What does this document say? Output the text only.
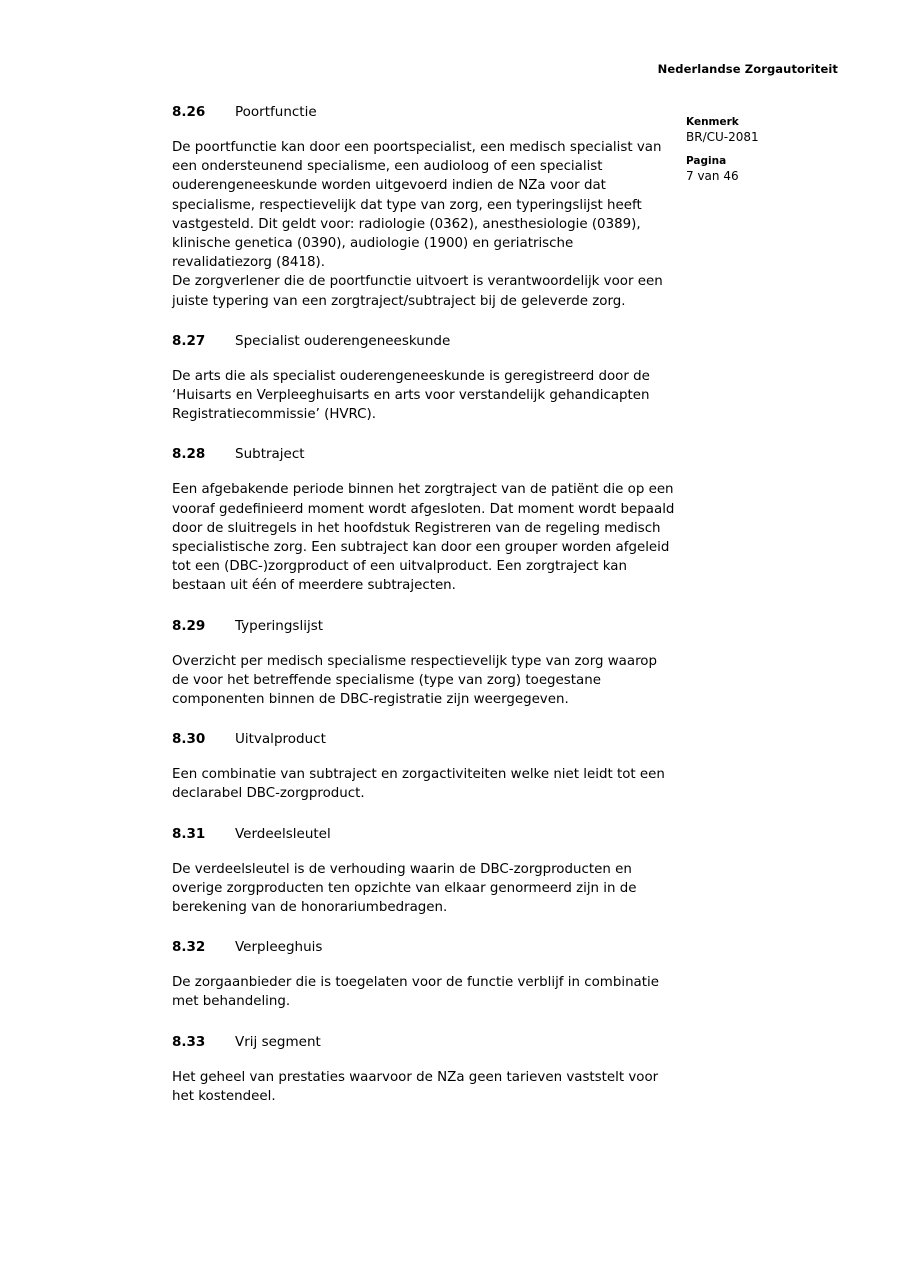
Nederlandse Zorgautoriteit
Kenmerk
BR/CU-2081
Pagina
7 van 46
8.26	Poortfunctie

De poortfunctie kan door een poortspecialist, een medisch specialist van een ondersteunend specialisme, een audioloog of een specialist ouderengeneeskunde worden uitgevoerd indien de NZa voor dat specialisme, respectievelijk dat type van zorg, een typeringslijst heeft vastgesteld. Dit geldt voor: radiologie (0362), anesthesiologie (0389), klinische genetica (0390), audiologie (1900) en geriatrische revalidatiezorg (8418).

De zorgverlener die de poortfunctie uitvoert is verantwoordelijk voor een juiste typering van een zorgtraject/subtraject bij de geleverde zorg.

8.27	Specialist ouderengeneeskunde

De arts die als specialist ouderengeneeskunde is geregistreerd door de ‘Huisarts en Verpleeghuisarts en arts voor verstandelijk gehandicapten Registratiecommissie’ (HVRC).

8.28	Subtraject

Een afgebakende periode binnen het zorgtraject van de patiënt die op een vooraf gedefinieerd moment wordt afgesloten. Dat moment wordt bepaald door de sluitregels in het hoofdstuk Registreren van de regeling medisch specialistische zorg. Een subtraject kan door een grouper worden afgeleid tot een (DBC-)zorgproduct of een uitvalproduct. Een zorgtraject kan bestaan uit één of meerdere subtrajecten.

8.29	Typeringslijst

Overzicht per medisch specialisme respectievelijk type van zorg waarop de voor het betreffende specialisme (type van zorg) toegestane componenten binnen de DBC-registratie zijn weergegeven.

8.30	Uitvalproduct

Een combinatie van subtraject en zorgactiviteiten welke niet leidt tot een declarabel DBC-zorgproduct.

8.31	Verdeelsleutel

De verdeelsleutel is de verhouding waarin de DBC-zorgproducten en overige zorgproducten ten opzichte van elkaar genormeerd zijn in de berekening van de honorariumbedragen.

8.32	Verpleeghuis

De zorgaanbieder die is toegelaten voor de functie verblijf in combinatie met behandeling.

8.33	Vrij segment

Het geheel van prestaties waarvoor de NZa geen tarieven vaststelt voor het kostendeel.
